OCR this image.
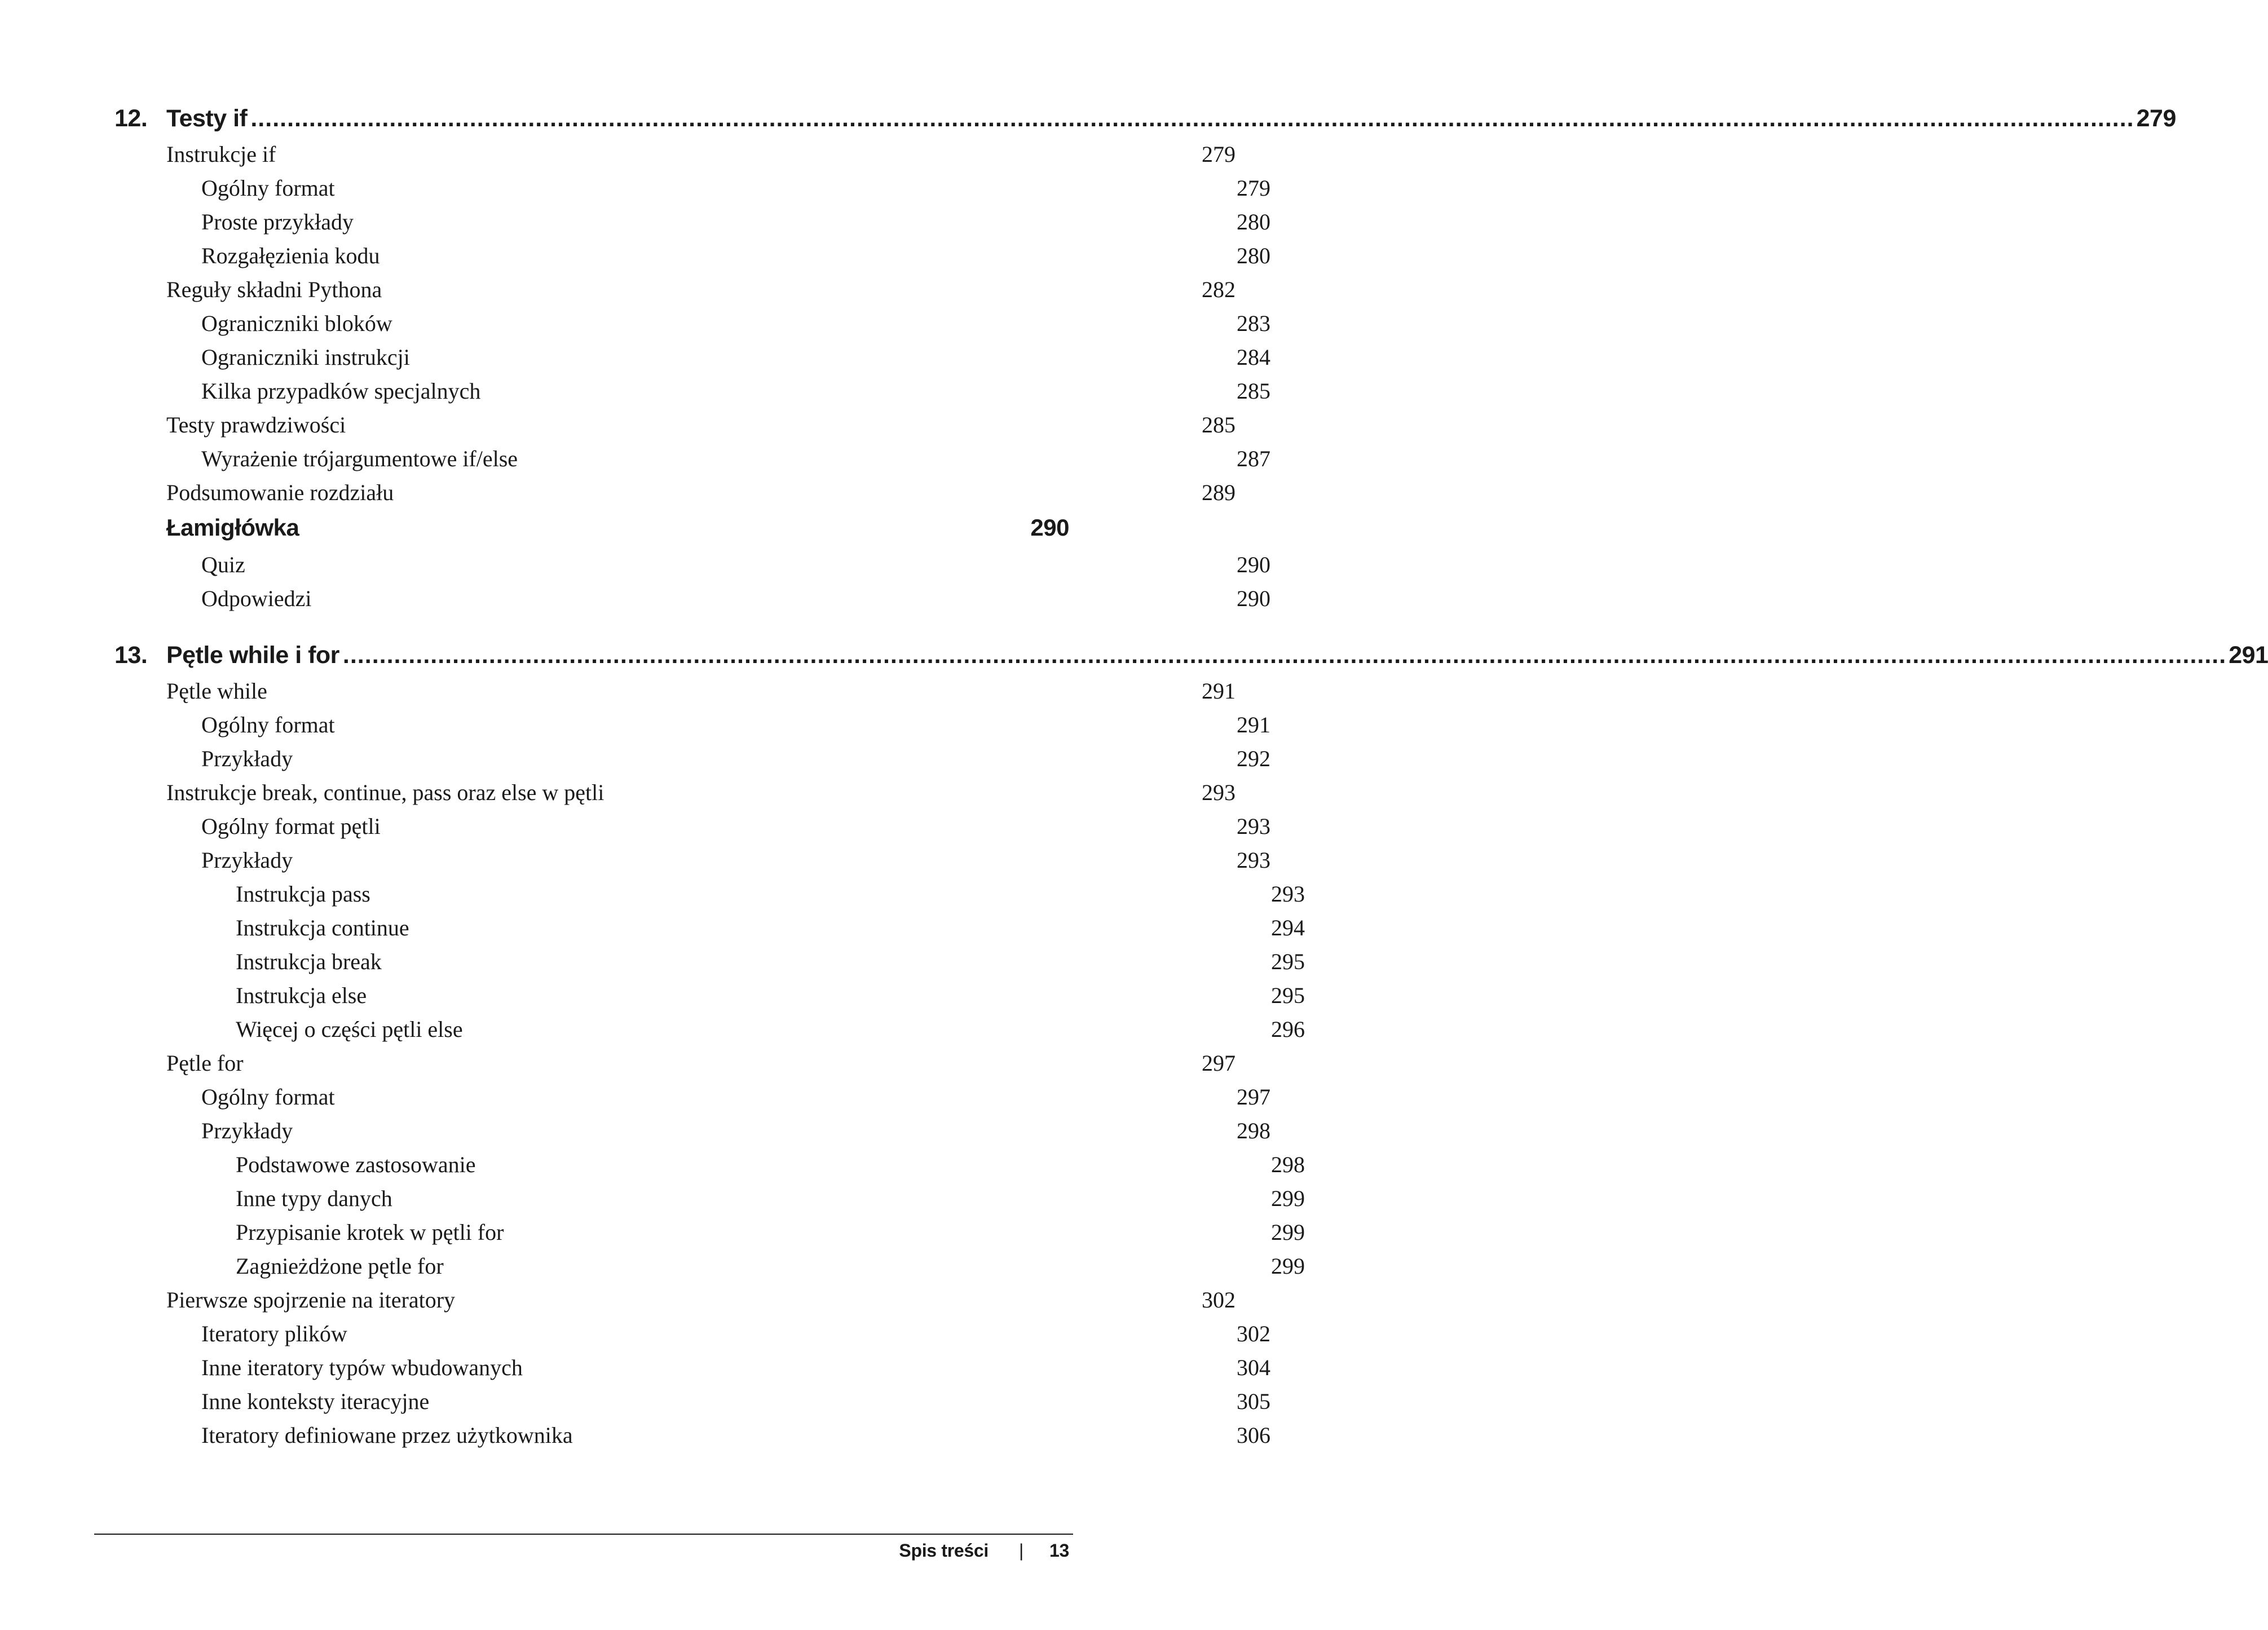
12. Testy if .....	279
Instrukcje if	279
Ogólny format	279
Proste przykłady	280
Rozgałęzienia kodu	280
Reguły składni Pythona	282
Ograniczniki bloków	283
Ograniczniki instrukcji	284
Kilka przypadków specjalnych	285
Testy prawdziwości	285
Wyrażenie trójargumentowe if/else	287
Podsumowanie rozdziału	289
Łamigłówka	290
Quiz	290
Odpowiedzi	290
13. Pętle while i for .....	291
Pętle while	291
Ogólny format	291
Przykłady	292
Instrukcje break, continue, pass oraz else w pętli	293
Ogólny format pętli	293
Przykłady	293
Instrukcja pass	293
Instrukcja continue	294
Instrukcja break	295
Instrukcja else	295
Więcej o części pętli else	296
Pętle for	297
Ogólny format	297
Przykłady	298
Podstawowe zastosowanie	298
Inne typy danych	299
Przypisanie krotek w pętli for	299
Zagnieżdżone pętle for	299
Pierwsze spojrzenie na iteratory	302
Iteratory plików	302
Inne iteratory typów wbudowanych	304
Inne konteksty iteracyjne	305
Iteratory definiowane przez użytkownika	306
Spis treści	|	13
